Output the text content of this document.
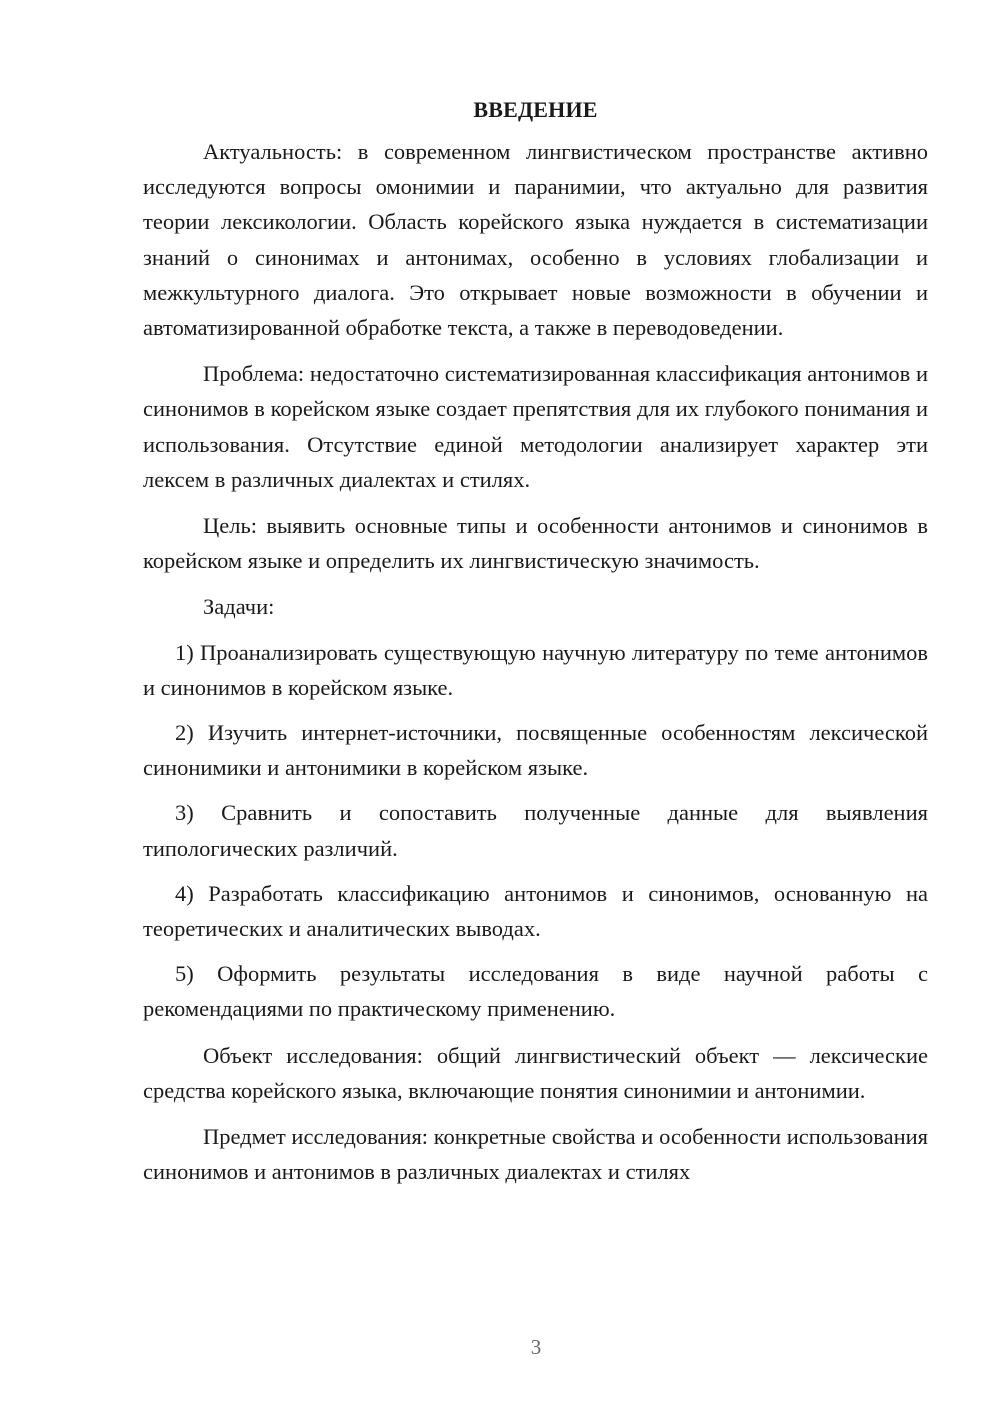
ВВЕДЕНИЕ

Актуальность: в современном лингвистическом пространстве активно исследуются вопросы омонимии и паранимии, что актуально для развития теории лексикологии. Область корейского языка нуждается в систематизации знаний о синонимах и антонимах, особенно в условиях глобализации и межкультурного диалога. Это открывает новые возможности в обучении и автоматизированной обработке текста, а также в переводоведении.

Проблема: недостаточно систематизированная классификация антонимов и синонимов в корейском языке создает препятствия для их глубокого понимания и использования. Отсутствие единой методологии анализирует характер эти лексем в различных диалектах и стилях.

Цель: выявить основные типы и особенности антонимов и синонимов в корейском языке и определить их лингвистическую значимость.

Задачи:

1) Проанализировать существующую научную литературу по теме антонимов и синонимов в корейском языке.

2) Изучить интернет-источники, посвященные особенностям лексической синонимики и антонимики в корейском языке.

3) Сравнить и сопоставить полученные данные для выявления типологических различий.

4) Разработать классификацию антонимов и синонимов, основанную на теоретических и аналитических выводах.

5) Оформить результаты исследования в виде научной работы с рекомендациями по практическому применению.

Объект исследования: общий лингвистический объект — лексические средства корейского языка, включающие понятия синонимии и антонимии.

Предмет исследования: конкретные свойства и особенности использования синонимов и антонимов в различных диалектах и стилях

3
